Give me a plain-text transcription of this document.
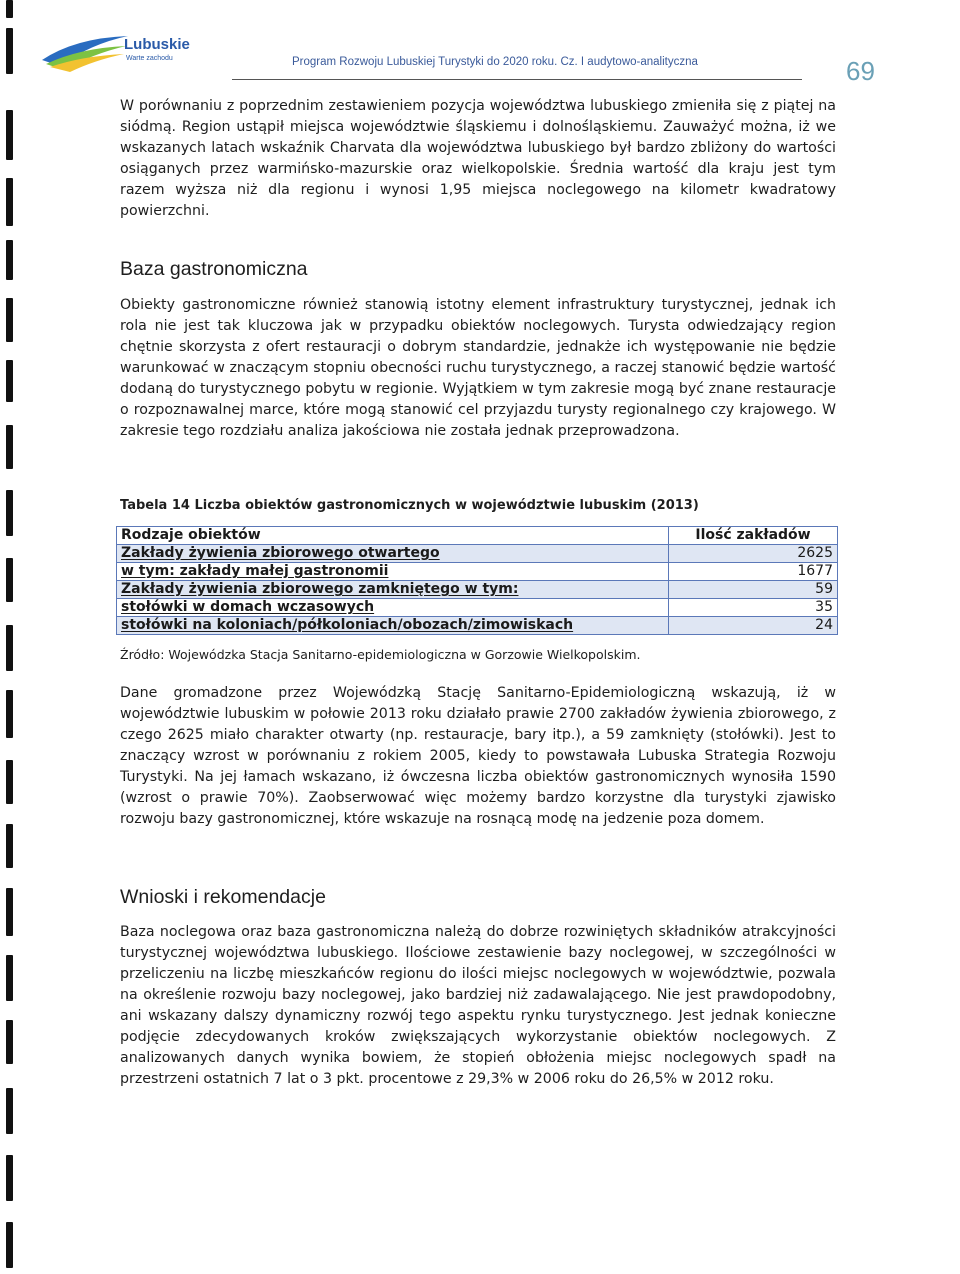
Lubuskie
Warte zachodu	Program Rozwoju Lubuskiej Turystyki do 2020 roku. Cz. I audytowo-analityczna	69

W porównaniu z poprzednim zestawieniem pozycja województwa lubuskiego zmieniła się z piątej na siódmą. Region ustąpił miejsca województwie śląskiemu i dolnośląskiemu. Zauważyć można, iż we wskazanych latach wskaźnik Charvata dla województwa lubuskiego był bardzo zbliżony do wartości osiąganych przez warmińsko-mazurskie oraz wielkopolskie. Średnia wartość dla kraju jest tym razem wyższa niż dla regionu i wynosi 1,95 miejsca noclegowego na kilometr kwadratowy powierzchni.

Baza gastronomiczna

Obiekty gastronomiczne również stanowią istotny element infrastruktury turystycznej, jednak ich rola nie jest tak kluczowa jak w przypadku obiektów noclegowych. Turysta odwiedzający region chętnie skorzysta z ofert restauracji o dobrym standardzie, jednakże ich występowanie nie będzie warunkować w znaczącym stopniu obecności ruchu turystycznego, a raczej stanowić będzie wartość dodaną do turystycznego pobytu w regionie. Wyjątkiem w tym zakresie mogą być znane restauracje o rozpoznawalnej marce, które mogą stanowić cel przyjazdu turysty regionalnego czy krajowego. W zakresie tego rozdziału analiza jakościowa nie została jednak przeprowadzona.

Tabela 14 Liczba obiektów gastronomicznych w województwie lubuskim (2013)

Rodzaje obiektów	Ilość zakładów
Zakłady żywienia zbiorowego otwartego	2625
w tym: zakłady małej gastronomii	1677
Zakłady żywienia zbiorowego zamkniętego w tym:	59
stołówki w domach wczasowych	35
stołówki na koloniach/półkoloniach/obozach/zimowiskach	24

Źródło: Wojewódzka Stacja Sanitarno-epidemiologiczna w Gorzowie Wielkopolskim.

Dane gromadzone przez Wojewódzką Stację Sanitarno-Epidemiologiczną wskazują, iż w województwie lubuskim w połowie 2013 roku działało prawie 2700 zakładów żywienia zbiorowego, z czego 2625 miało charakter otwarty (np. restauracje, bary itp.), a 59 zamknięty (stołówki). Jest to znaczący wzrost w porównaniu z rokiem 2005, kiedy to powstawała Lubuska Strategia Rozwoju Turystyki. Na jej łamach wskazano, iż ówczesna liczba obiektów gastronomicznych wynosiła 1590 (wzrost o prawie 70%). Zaobserwować więc możemy bardzo korzystne dla turystyki zjawisko rozwoju bazy gastronomicznej, które wskazuje na rosnącą modę na jedzenie poza domem.

Wnioski i rekomendacje

Baza noclegowa oraz baza gastronomiczna należą do dobrze rozwiniętych składników atrakcyjności turystycznej województwa lubuskiego. Ilościowe zestawienie bazy noclegowej, w szczególności w przeliczeniu na liczbę mieszkańców regionu do ilości miejsc noclegowych w województwie, pozwala na określenie rozwoju bazy noclegowej, jako bardziej niż zadawalającego. Nie jest prawdopodobny, ani wskazany dalszy dynamiczny rozwój tego aspektu rynku turystycznego. Jest jednak konieczne podjęcie zdecydowanych kroków zwiększających wykorzystanie obiektów noclegowych. Z analizowanych danych wynika bowiem, że stopień obłożenia miejsc noclegowych spadł na przestrzeni ostatnich 7 lat o 3 pkt. procentowe z 29,3% w 2006 roku do 26,5% w 2012 roku.
